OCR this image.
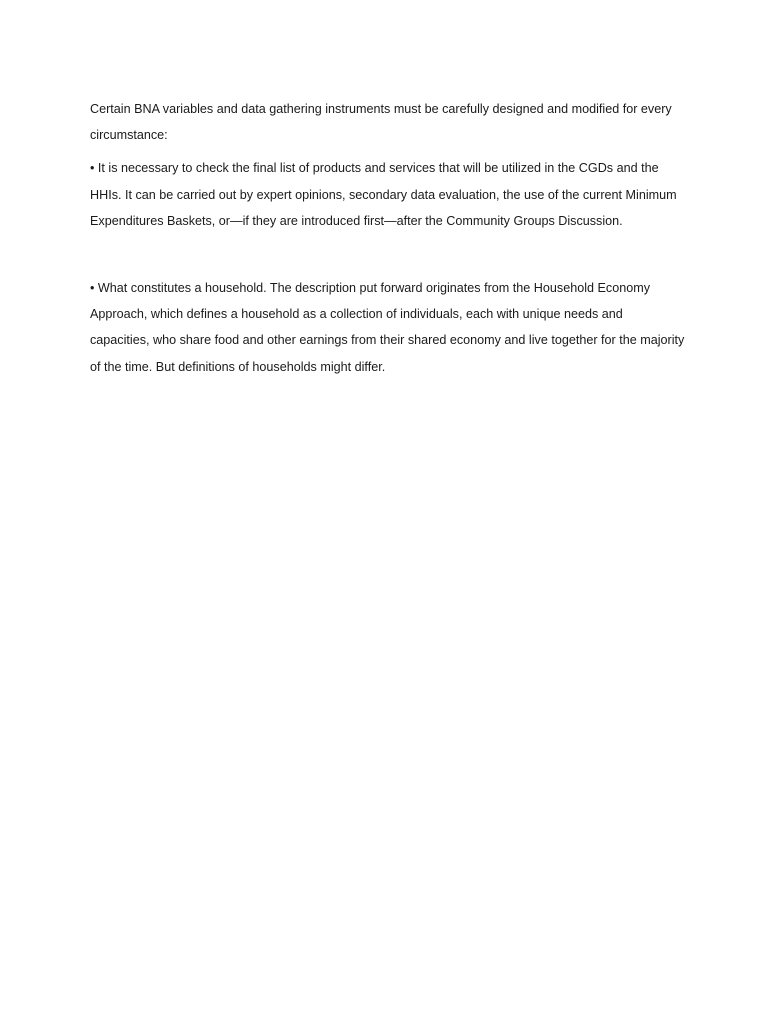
Certain BNA variables and data gathering instruments must be carefully designed and modified for every circumstance:

• It is necessary to check the final list of products and services that will be utilized in the CGDs and the HHIs. It can be carried out by expert opinions, secondary data evaluation, the use of the current Minimum Expenditures Baskets, or—if they are introduced first—after the Community Groups Discussion.

• What constitutes a household. The description put forward originates from the Household Economy Approach, which defines a household as a collection of individuals, each with unique needs and capacities, who share food and other earnings from their shared economy and live together for the majority of the time. But definitions of households might differ.
